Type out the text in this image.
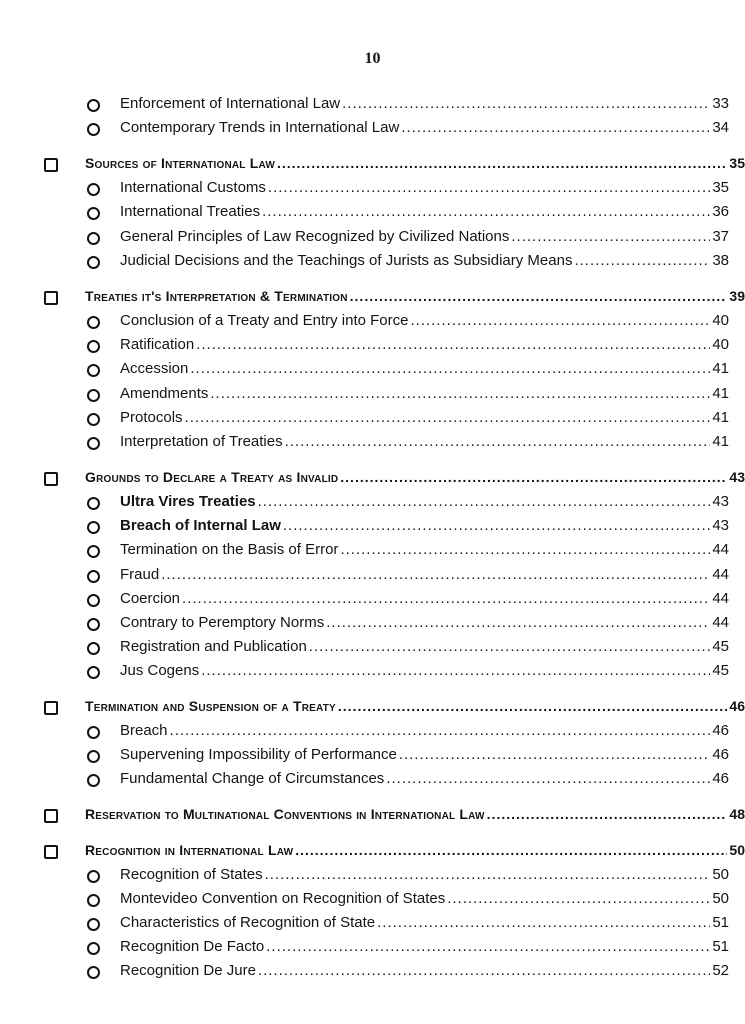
10
Enforcement of International Law .....	33
Contemporary Trends in International Law .....	34
Sources of International Law .....	35
International Customs .....	35
International Treaties .....	36
General Principles of Law Recognized by Civilized Nations .....	37
Judicial Decisions and the Teachings of Jurists as Subsidiary Means .....	38
Treaties it's Interpretation & Termination .....	39
Conclusion of a Treaty and Entry into Force .....	40
Ratification .....	40
Accession .....	41
Amendments .....	41
Protocols .....	41
Interpretation of Treaties .....	41
Grounds to Declare a Treaty as Invalid .....	43
Ultra Vires Treaties .....	43
Breach of Internal Law .....	43
Termination on the Basis of Error .....	44
Fraud .....	44
Coercion .....	44
Contrary to Peremptory Norms .....	44
Registration and Publication .....	45
Jus Cogens .....	45
Termination and Suspension of a Treaty .....	46
Breach .....	46
Supervening Impossibility of Performance .....	46
Fundamental Change of Circumstances .....	46
Reservation to Multinational Conventions in International Law .....	48
Recognition in International Law .....	50
Recognition of States .....	50
Montevideo Convention on Recognition of States .....	50
Characteristics of Recognition of State .....	51
Recognition De Facto .....	51
Recognition De Jure .....	52
